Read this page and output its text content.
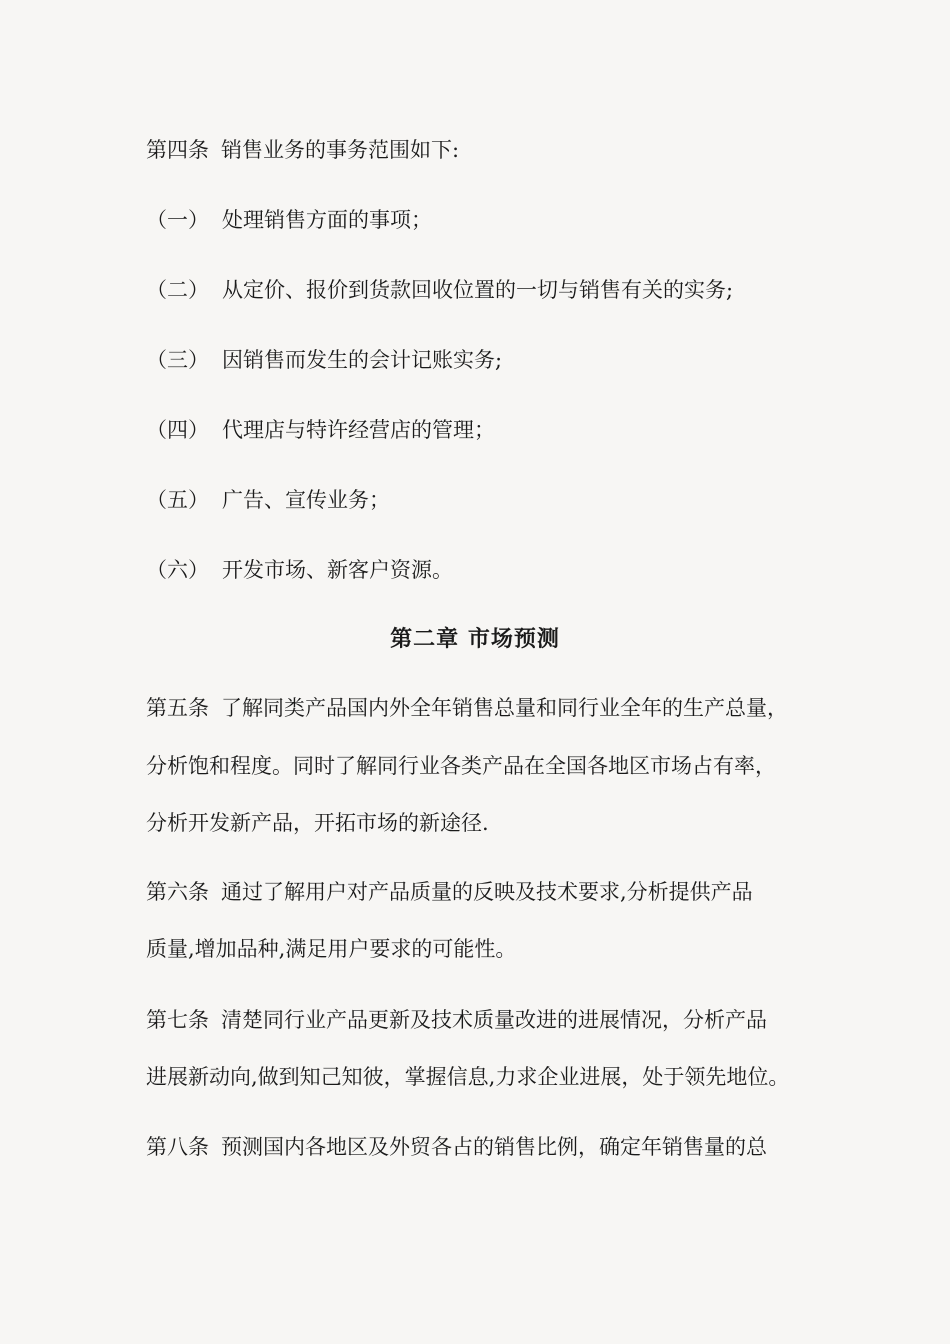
第四条 销售业务的事务范围如下:
（一） 处理销售方面的事项；
（二） 从定价、报价到货款回收位置的一切与销售有关的实务;
（三） 因销售而发生的会计记账实务;
（四） 代理店与特许经营店的管理；
（五） 广告、宣传业务；
（六） 开发市场、新客户资源。
第二章 市场预测
第五条 了解同类产品国内外全年销售总量和同行业全年的生产总量，
分析饱和程度。同时了解同行业各类产品在全国各地区市场占有率，
分析开发新产品，开拓市场的新途径.
第六条 通过了解用户对产品质量的反映及技术要求,分析提供产品
质量,增加品种,满足用户要求的可能性。
第七条 清楚同行业产品更新及技术质量改进的进展情况，分析产品
进展新动向,做到知己知彼，掌握信息,力求企业进展，处于领先地位。
第八条 预测国内各地区及外贸各占的销售比例，确定年销售量的总
